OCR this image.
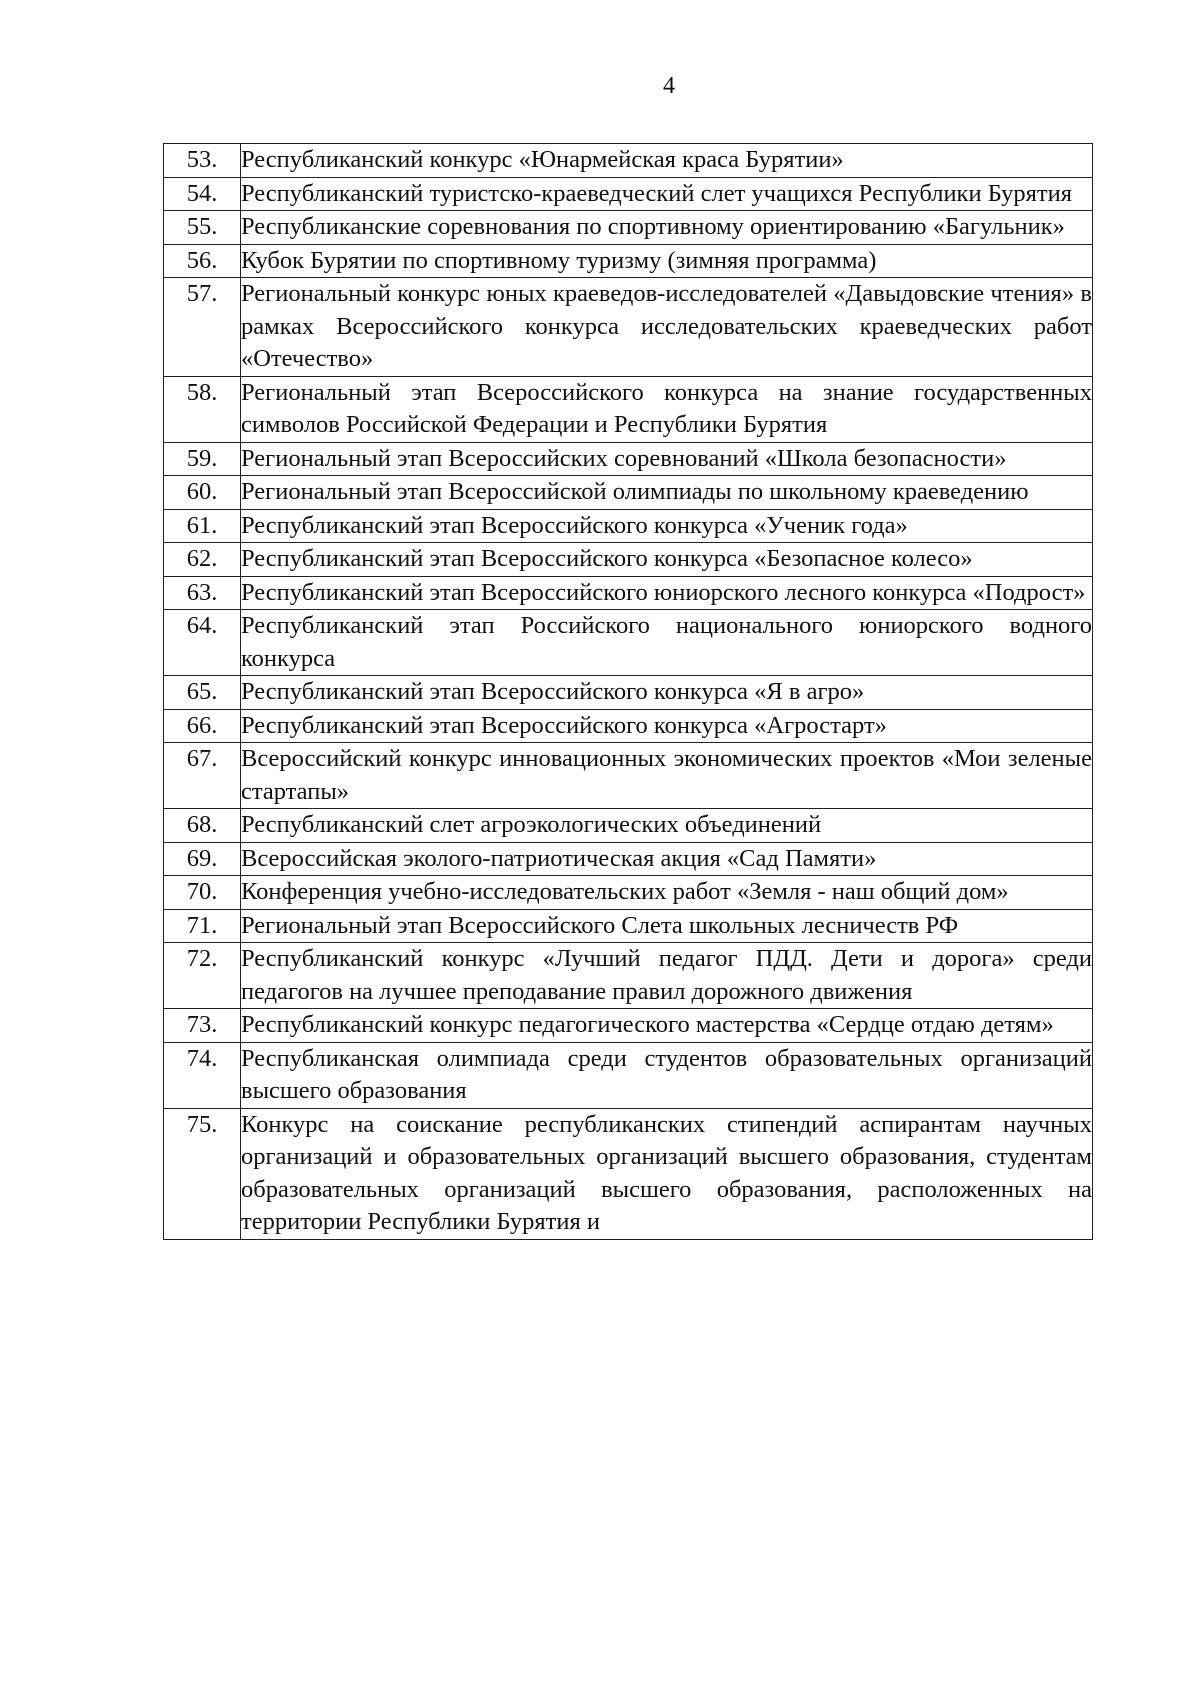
4
53.	Республиканский конкурс «Юнармейская краса Бурятии»

54.	Республиканский туристско-краеведческий слет учащихся Республики Бурятия

55.	Республиканские соревнования по спортивному ориентированию «Багульник»

56.	Кубок Бурятии по спортивному туризму (зимняя программа)

57.	Региональный конкурс юных краеведов-исследователей «Давыдовские чтения» в рамках Всероссийского конкурса исследовательских краеведческих работ «Отечество»

58.	Региональный этап Всероссийского конкурса на знание государственных символов Российской Федерации и Республики Бурятия

59.	Региональный этап Всероссийских соревнований «Школа безопасности»

60.	Региональный этап Всероссийской олимпиады по школьному краеведению

61.	Республиканский этап Всероссийского конкурса «Ученик года»

62.	Республиканский этап Всероссийского конкурса «Безопасное колесо»

63.	Республиканский этап Всероссийского юниорского лесного конкурса «Подрост»

64.	Республиканский этап Российского национального юниорского водного конкурса

65.	Республиканский этап Всероссийского конкурса «Я в агро»

66.	Республиканский этап Всероссийского конкурса «Агростарт»

67.	Всероссийский конкурс инновационных экономических проектов «Мои зеленые стартапы»

68.	Республиканский слет агроэкологических объединений

69.	Всероссийская эколого-патриотическая акция «Сад Памяти»

70.	Конференция учебно-исследовательских работ «Земля - наш общий дом»

71.	Региональный этап Всероссийского Слета школьных лесничеств РФ

72.	Республиканский конкурс «Лучший педагог ПДД. Дети и дорога» среди педагогов на лучшее преподавание правил дорожного движения

73.	Республиканский конкурс педагогического мастерства «Сердце отдаю детям»

74.	Республиканская олимпиада среди студентов образовательных организаций высшего образования

75.	Конкурс на соискание республиканских стипендий аспирантам научных организаций и образовательных организаций высшего образования, студентам образовательных организаций высшего образования, расположенных на территории Республики Бурятия и
